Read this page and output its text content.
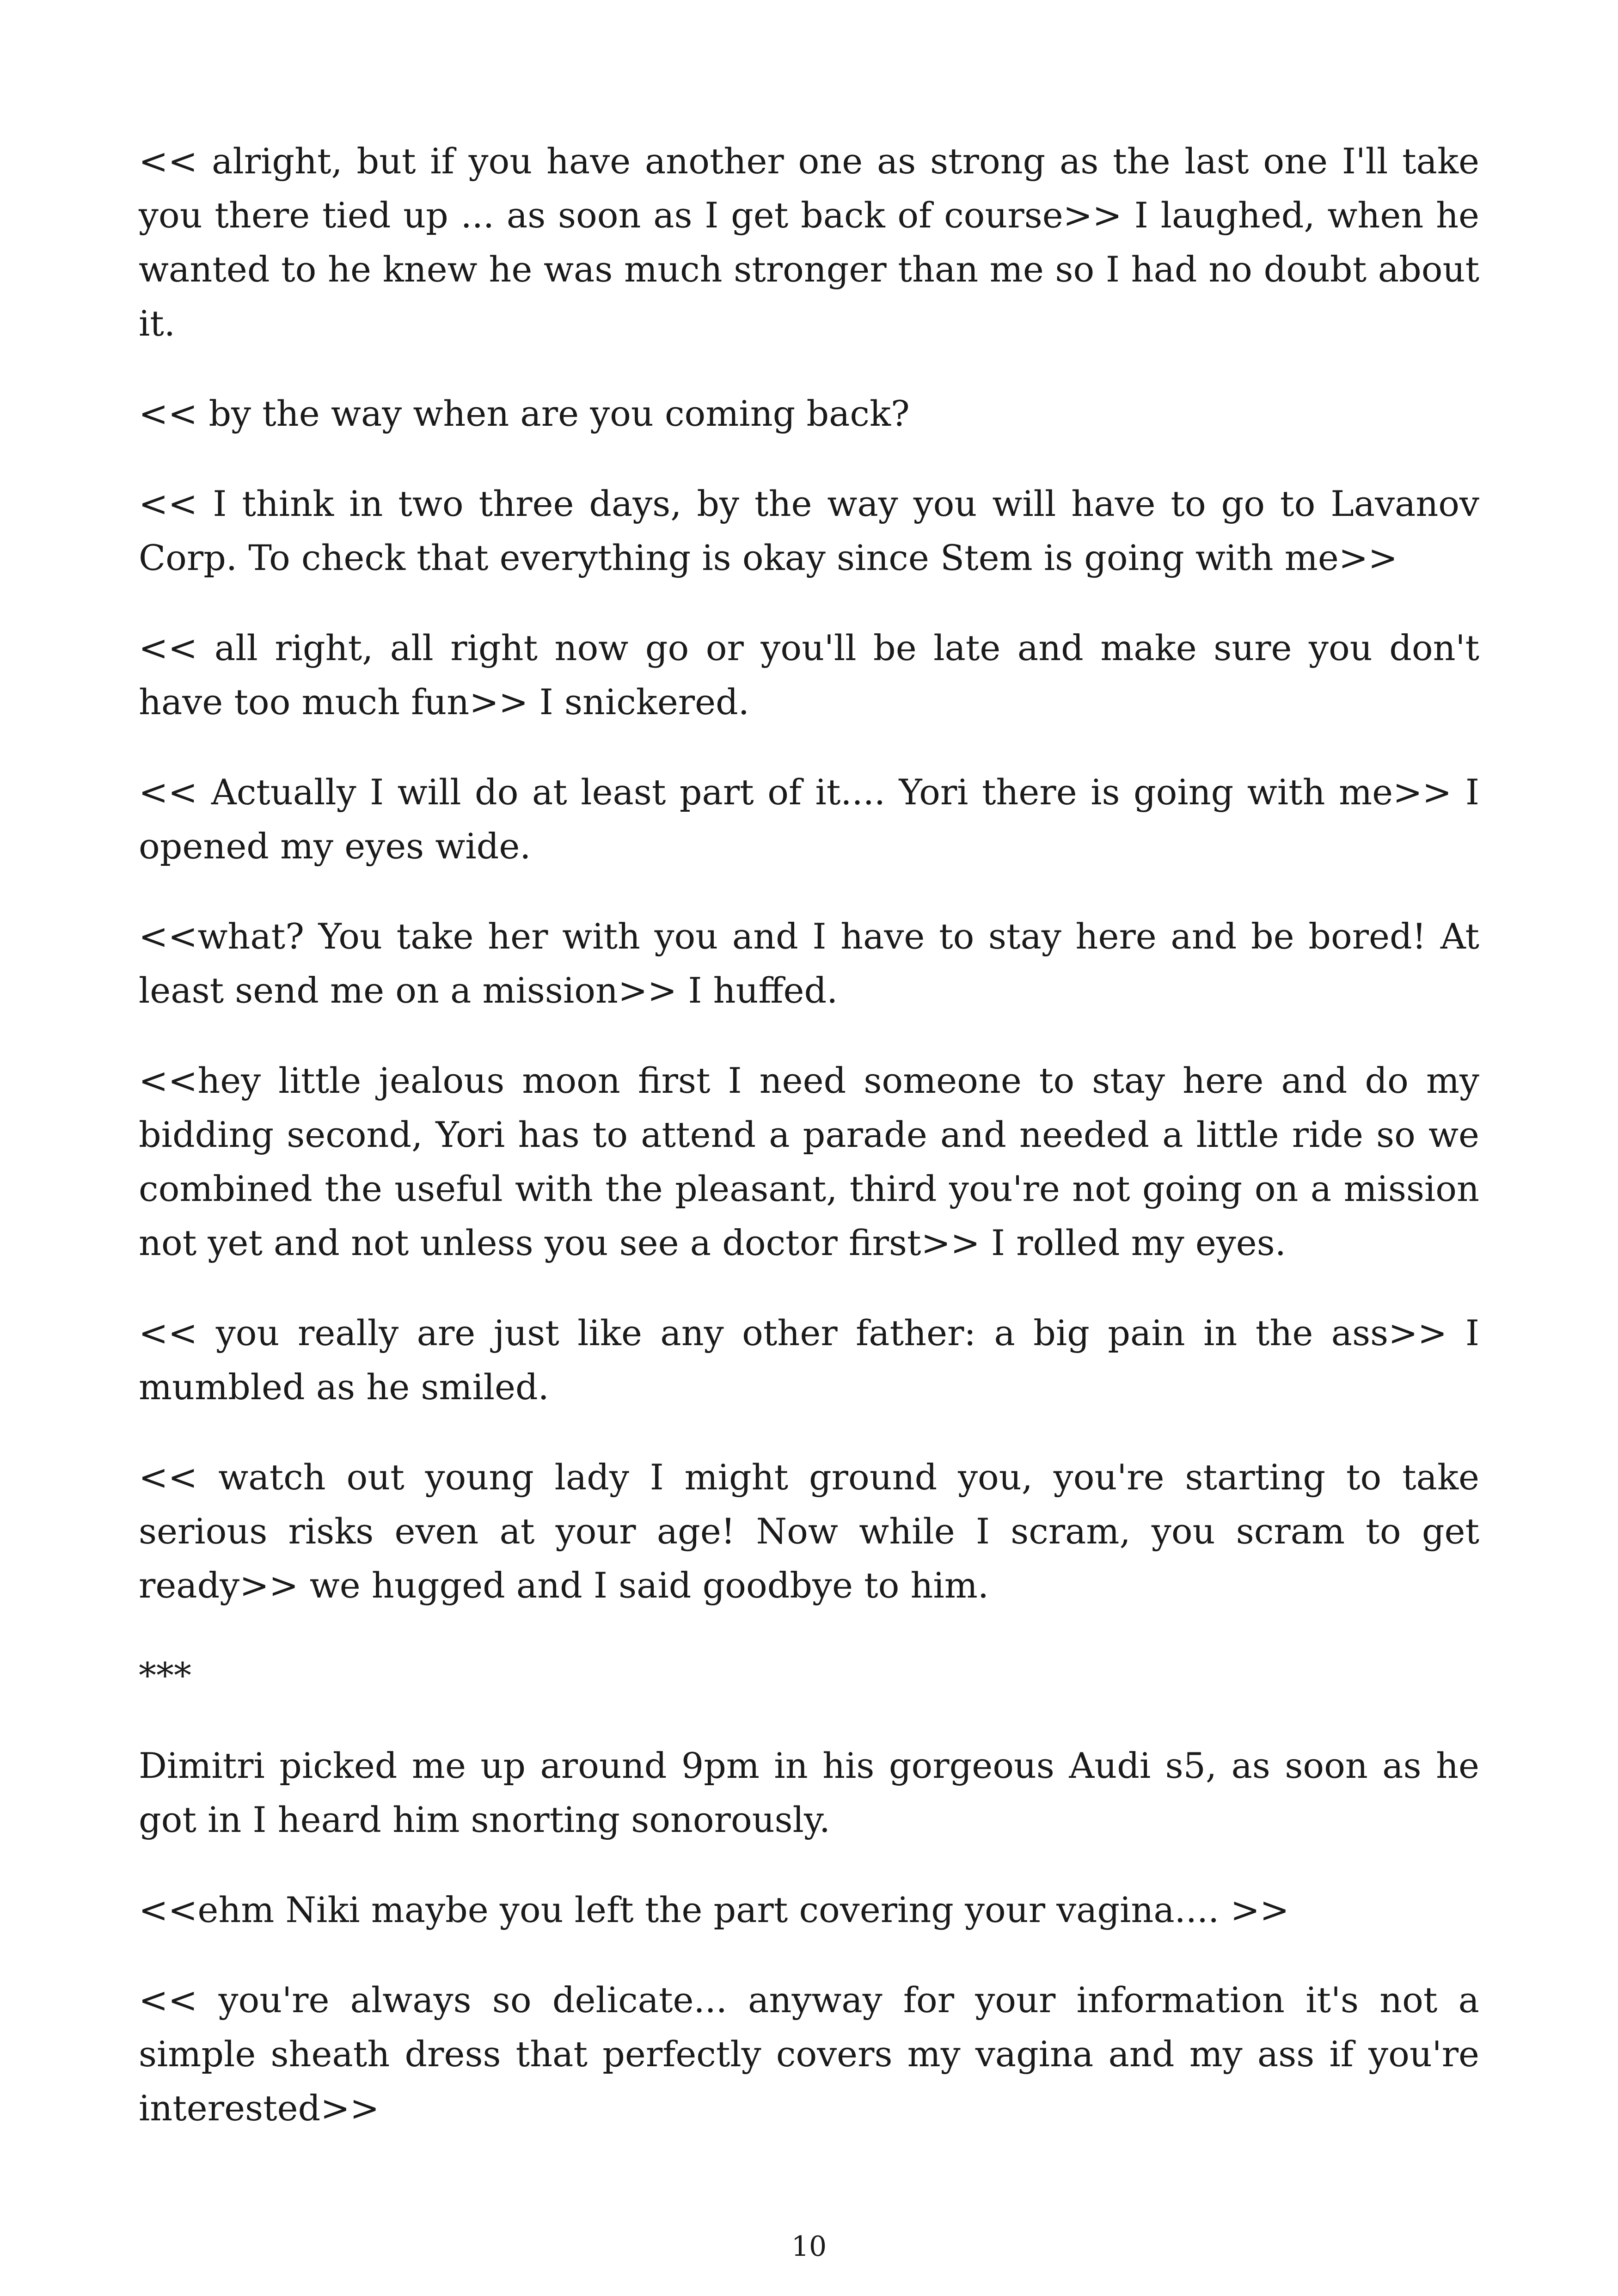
<< alright, but if you have another one as strong as the last one I'll take you there tied up ... as soon as I get back of course>> I laughed, when he wanted to he knew he was much stronger than me so I had no doubt about it.

<< by the way when are you coming back?

<< I think in two three days, by the way you will have to go to Lavanov Corp. To check that everything is okay since Stem is going with me>>

<< all right, all right now go or you'll be late and make sure you don't have too much fun>> I snickered.

<< Actually I will do at least part of it.... Yori there is going with me>> I opened my eyes wide.

<<what? You take her with you and I have to stay here and be bored! At least send me on a mission>> I huffed.

<<hey little jealous moon first I need someone to stay here and do my bidding second, Yori has to attend a parade and needed a little ride so we combined the useful with the pleasant, third you're not going on a mission not yet and not unless you see a doctor first>> I rolled my eyes.

<< you really are just like any other father: a big pain in the ass>> I mumbled as he smiled.

<< watch out young lady I might ground you, you're starting to take serious risks even at your age! Now while I scram, you scram to get ready>> we hugged and I said goodbye to him.

***

Dimitri picked me up around 9pm in his gorgeous Audi s5, as soon as he got in I heard him snorting sonorously.

<<ehm Niki maybe you left the part covering your vagina.... >>

<< you're always so delicate... anyway for your information it's not a simple sheath dress that perfectly covers my vagina and my ass if you're interested>>

10
